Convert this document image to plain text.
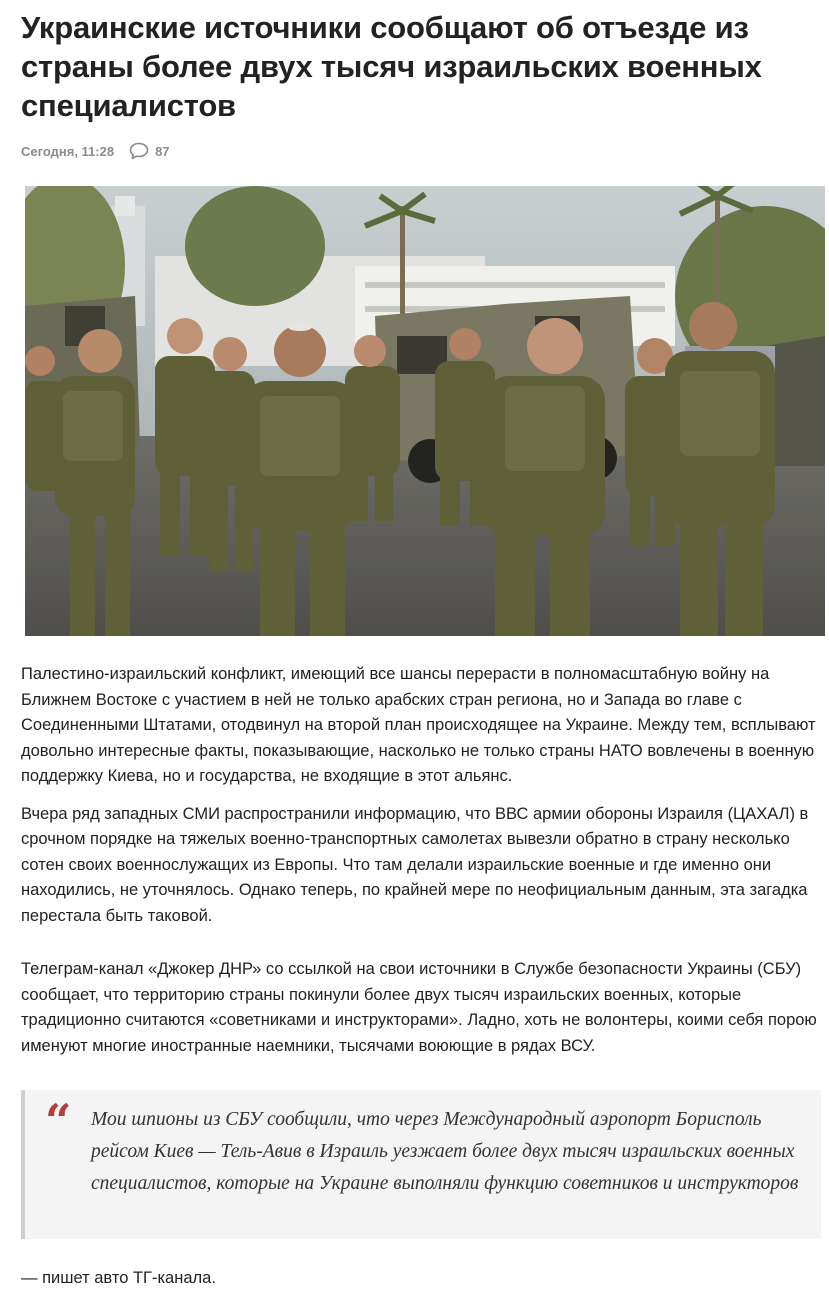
Украинские источники сообщают об отъезде из страны более двух тысяч израильских военных специалистов
Сегодня, 11:28	87

Палестино-израильский конфликт, имеющий все шансы перерасти в полномасштабную войну на Ближнем Востоке с участием в ней не только арабских стран региона, но и Запада во главе с Соединенными Штатами, отодвинул на второй план происходящее на Украине. Между тем, всплывают довольно интересные факты, показывающие, насколько не только страны НАТО вовлечены в военную поддержку Киева, но и государства, не входящие в этот альянс.

Вчера ряд западных СМИ распространили информацию, что ВВС армии обороны Израиля (ЦАХАЛ) в срочном порядке на тяжелых военно-транспортных самолетах вывезли обратно в страну несколько сотен своих военнослужащих из Европы. Что там делали израильские военные и где именно они находились, не уточнялось. Однако теперь, по крайней мере по неофициальным данным, эта загадка перестала быть таковой.

Телеграм-канал «Джокер ДНР» со ссылкой на свои источники в Службе безопасности Украины (СБУ) сообщает, что территорию страны покинули более двух тысяч израильских военных, которые традиционно считаются «советниками и инструкторами». Ладно, хоть не волонтеры, коими себя порою именуют многие иностранные наемники, тысячами воюющие в рядах ВСУ.

“ Мои шпионы из СБУ сообщили, что через Международный аэропорт Борисполь рейсом Киев — Тель-Авив в Израиль уезжает более двух тысяч израильских военных специалистов, которые на Украине выполняли функцию советников и инструкторов
— пишет авто ТГ-канала.
